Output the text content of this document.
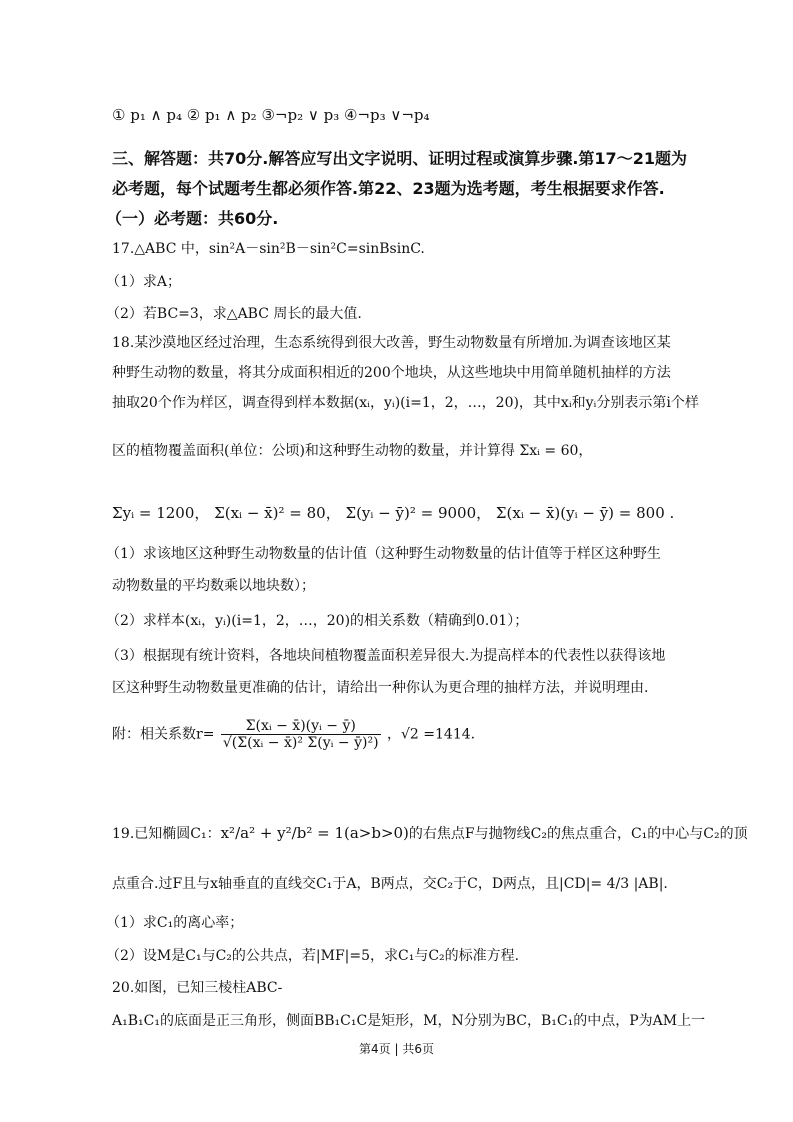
① p₁ ∧ p₄ ② p₁ ∧ p₂ ③¬p₂ ∨ p₃ ④¬p₃ ∨¬p₄
三、解答题：共70分.解答应写出文字说明、证明过程或演算步骤.第17～21题为
必考题，每个试题考生都必须作答.第22、23题为选考题，考生根据要求作答.
（一）必考题：共60分.
17.△ABC 中，sin²A－sin²B－sin²C=sinBsinC.
（1）求A；
（2）若BC=3，求△ABC 周长的最大值.
18.某沙漠地区经过治理，生态系统得到很大改善，野生动物数量有所增加.为调查该地区某
种野生动物的数量，将其分成面积相近的200个地块，从这些地块中用简单随机抽样的方法
抽取20个作为样区，调查得到样本数据(xᵢ，yᵢ)(i=1，2，…，20)，其中xᵢ和yᵢ分别表示第i个样
区的植物覆盖面积(单位：公顷)和这种野生动物的数量，并计算得 Σxᵢ = 60，
Σyᵢ = 1200， Σ(xᵢ − x̄)² = 80， Σ(yᵢ − ȳ)² = 9000， Σ(xᵢ − x̄)(yᵢ − ȳ) = 800 .
（1）求该地区这种野生动物数量的估计值（这种野生动物数量的估计值等于样区这种野生
动物数量的平均数乘以地块数）；
（2）求样本(xᵢ，yᵢ)(i=1，2，…，20)的相关系数（精确到0.01）；
（3）根据现有统计资料，各地块间植物覆盖面积差异很大.为提高样本的代表性以获得该地
区这种野生动物数量更准确的估计，请给出一种你认为更合理的抽样方法，并说明理由.
附：相关系数$r= \frac{\text{Σ(xᵢ − x̄)(yᵢ − ȳ)}}{\text{√(Σ(xᵢ − x̄)² Σ(yᵢ − ȳ)²)}}$ ，√2 =1414.
19.已知椭圆C₁：x²/a² + y²/b² = 1(a>b>0)的右焦点F与抛物线C₂的焦点重合，C₁的中心与C₂的顶
点重合.过F且与x轴垂直的直线交C₁于A，B两点，交C₂于C，D两点，且|CD|= 4/3 |AB|.
（1）求C₁的离心率；
（2）设M是C₁与C₂的公共点，若|MF|=5，求C₁与C₂的标准方程.
20.如图，已知三棱柱ABC-
A₁B₁C₁的底面是正三角形，侧面BB₁C₁C是矩形，M，N分别为BC，B₁C₁的中点，P为AM上一
第4页 | 共6页
